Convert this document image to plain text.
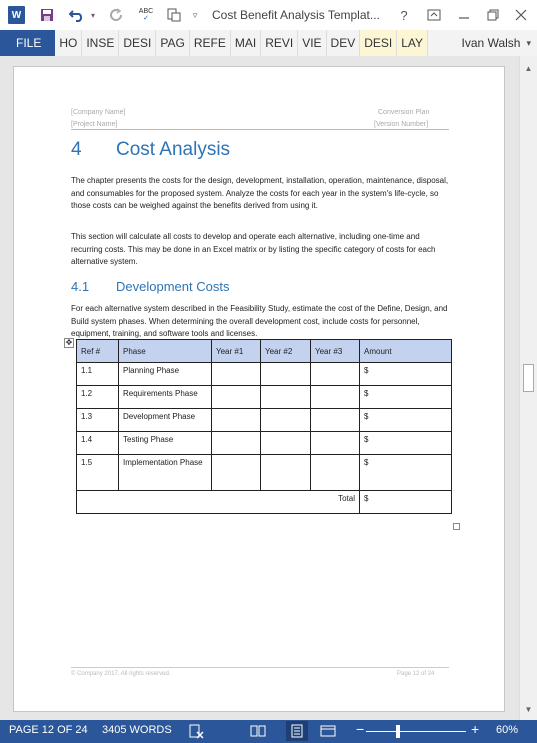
W	▾	ABC
✓	▿ Cost Benefit Analysis Templat...	?
FILE	HO INSE DESI PAG REFE MAI REVI VIE DEV DESI LAY	Ivan Walsh ▾
[Company Name]
[Project Name]
Conversion Plan
[Version Number]
4 Cost Analysis
The chapter presents the costs for the design, development, installation, operation, maintenance, disposal, and consumables for the proposed system. Analyze the costs for each year in the system's life-cycle, so those costs can be weighed against the benefits derived from using it.
This section will calculate all costs to develop and operate each alternative, including one-time and recurring costs. This may be done in an Excel matrix or by listing the specific category of costs for each alternative system.
4.1 Development Costs
For each alternative system described in the Feasibility Study, estimate the cost of the Define, Design, and Build system phases. When determining the overall development cost, include costs for personnel, equipment, training, and software tools and licenses.
✥
Ref #	Phase	Year #1	Year #2	Year #3	Amount
1.1	Planning Phase				$
1.2	Requirements Phase				$
1.3	Development Phase				$
1.4	Testing Phase				$
1.5	Implementation Phase				$
Total					$
© Company 2017. All rights reserved.	Page 12 of 24
▲
▼
PAGE 12 OF 24 3405 WORDS	−	+ 60%
